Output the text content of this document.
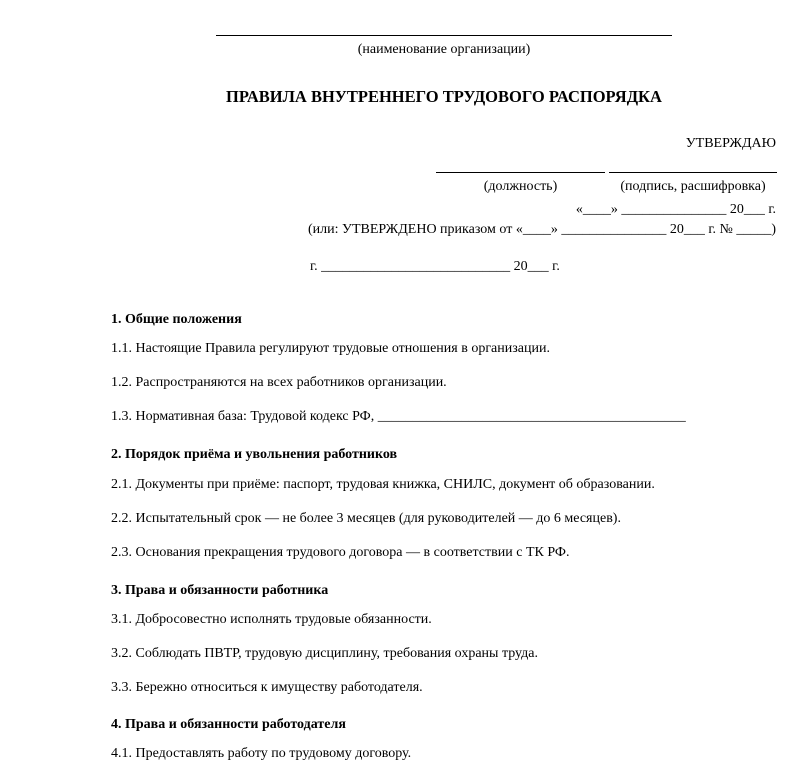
(наименование организации)
ПРАВИЛА ВНУТРЕННЕГО ТРУДОВОГО РАСПОРЯДКА
УТВЕРЖДАЮ
(должность)	(подпись, расшифровка)
«____» _______________ 20___ г.
(или: УТВЕРЖДЕНО приказом от «____» _______________ 20___ г. № _____)
г. ___________________________ 20___ г.
1. Общие положения
1.1. Настоящие Правила регулируют трудовые отношения в организации.
1.2. Распространяются на всех работников организации.
1.3. Нормативная база: Трудовой кодекс РФ, ____________________________________________
2. Порядок приёма и увольнения работников
2.1. Документы при приёме: паспорт, трудовая книжка, СНИЛС, документ об образовании.
2.2. Испытательный срок — не более 3 месяцев (для руководителей — до 6 месяцев).
2.3. Основания прекращения трудового договора — в соответствии с ТК РФ.
3. Права и обязанности работника
3.1. Добросовестно исполнять трудовые обязанности.
3.2. Соблюдать ПВТР, трудовую дисциплину, требования охраны труда.
3.3. Бережно относиться к имуществу работодателя.
4. Права и обязанности работодателя
4.1. Предоставлять работу по трудовому договору.
